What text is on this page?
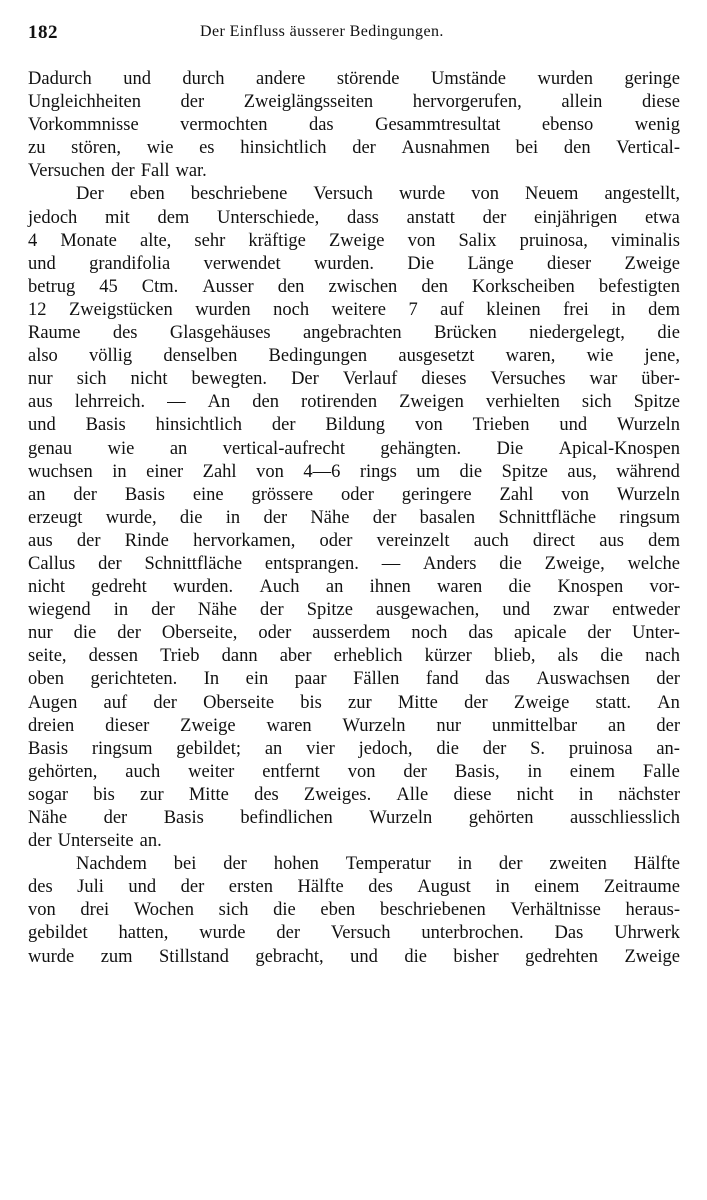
182	Der Einfluss äusserer Bedingungen.
Dadurch und durch andere störende Umstände wurden geringe
Ungleichheiten der Zweiglängsseiten hervorgerufen, allein diese
Vorkommnisse vermochten das Gesammtresultat ebenso wenig
zu stören, wie es hinsichtlich der Ausnahmen bei den Vertical-
Versuchen der Fall war.
Der eben beschriebene Versuch wurde von Neuem angestellt,
jedoch mit dem Unterschiede, dass anstatt der einjährigen etwa
4 Monate alte, sehr kräftige Zweige von Salix pruinosa, viminalis
und grandifolia verwendet wurden. Die Länge dieser Zweige
betrug 45 Ctm. Ausser den zwischen den Korkscheiben befestigten
12 Zweigstücken wurden noch weitere 7 auf kleinen frei in dem
Raume des Glasgehäuses angebrachten Brücken niedergelegt, die
also völlig denselben Bedingungen ausgesetzt waren, wie jene,
nur sich nicht bewegten. Der Verlauf dieses Versuches war über-
aus lehrreich. — An den rotirenden Zweigen verhielten sich Spitze
und Basis hinsichtlich der Bildung von Trieben und Wurzeln
genau wie an vertical-aufrecht gehängten. Die Apical-Knospen
wuchsen in einer Zahl von 4—6 rings um die Spitze aus, während
an der Basis eine grössere oder geringere Zahl von Wurzeln
erzeugt wurde, die in der Nähe der basalen Schnittfläche ringsum
aus der Rinde hervorkamen, oder vereinzelt auch direct aus dem
Callus der Schnittfläche entsprangen. — Anders die Zweige, welche
nicht gedreht wurden. Auch an ihnen waren die Knospen vor-
wiegend in der Nähe der Spitze ausgewachen, und zwar entweder
nur die der Oberseite, oder ausserdem noch das apicale der Unter-
seite, dessen Trieb dann aber erheblich kürzer blieb, als die nach
oben gerichteten. In ein paar Fällen fand das Auswachsen der
Augen auf der Oberseite bis zur Mitte der Zweige statt. An
dreien dieser Zweige waren Wurzeln nur unmittelbar an der
Basis ringsum gebildet; an vier jedoch, die der S. pruinosa an-
gehörten, auch weiter entfernt von der Basis, in einem Falle
sogar bis zur Mitte des Zweiges. Alle diese nicht in nächster
Nähe der Basis befindlichen Wurzeln gehörten ausschliesslich
der Unterseite an.
Nachdem bei der hohen Temperatur in der zweiten Hälfte
des Juli und der ersten Hälfte des August in einem Zeitraume
von drei Wochen sich die eben beschriebenen Verhältnisse heraus-
gebildet hatten, wurde der Versuch unterbrochen. Das Uhrwerk
wurde zum Stillstand gebracht, und die bisher gedrehten Zweige
